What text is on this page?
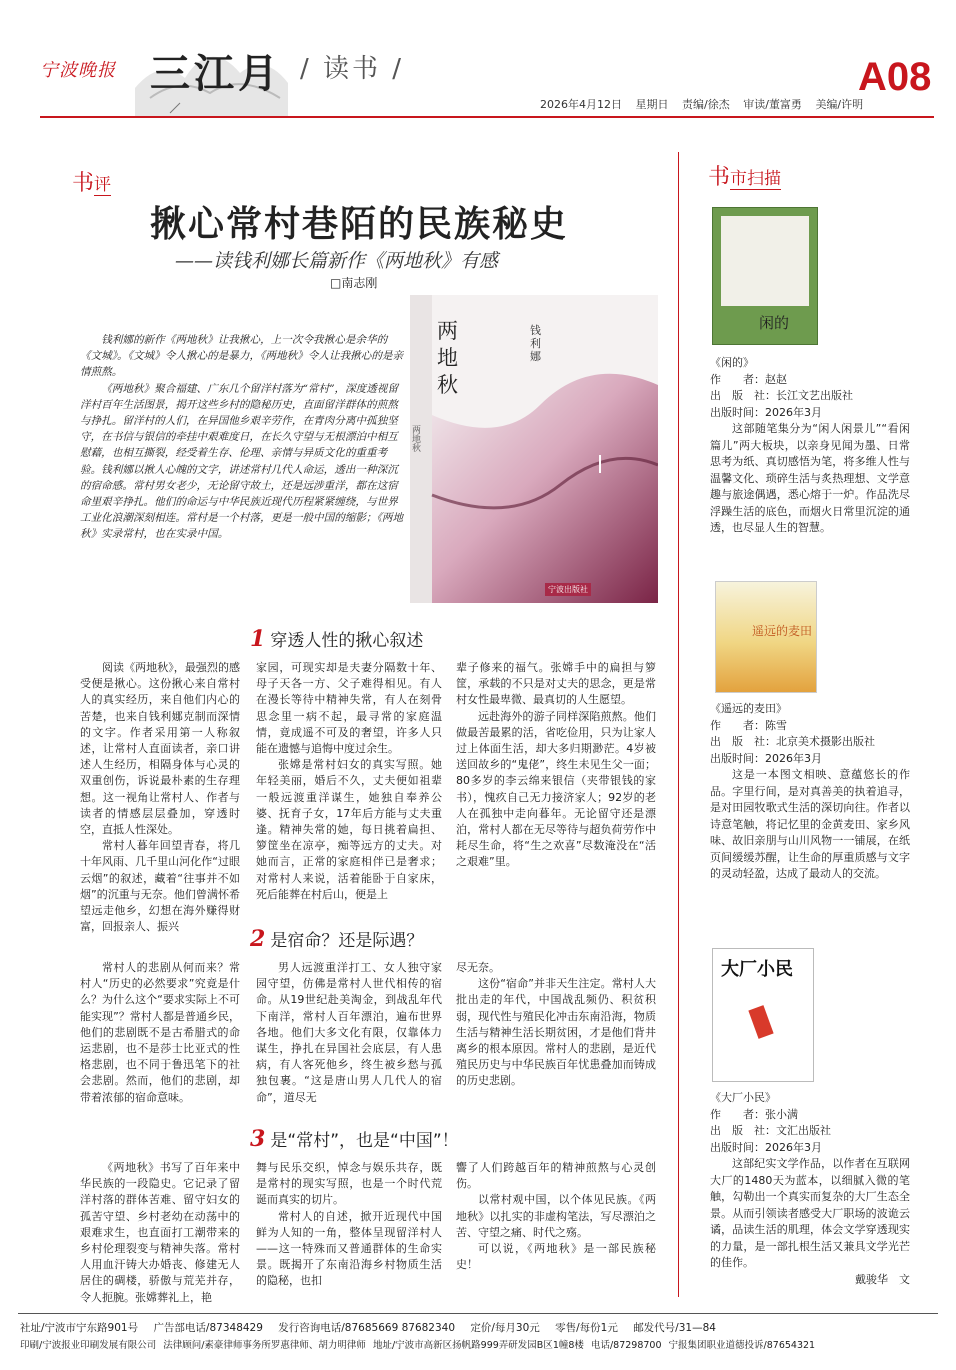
宁波晚报 三江月 / 读书 /	A08
2026年4月12日 星期日 责编/徐杰 审读/董富勇 美编/许明
书评
揪心常村巷陌的民族秘史
——读钱利娜长篇新作《两地秋》有感
□南志刚

钱利娜的新作《两地秋》让我揪心，上一次令我揪心是余华的《文城》。《文城》令人揪心的是暴力，《两地秋》令人让我揪心的是亲情煎熬。

《两地秋》聚合福建、广东几个留洋村落为“常村”，深度透视留洋村百年生活图景，揭开这些乡村的隐秘历史，直面留洋群体的煎熬与挣扎。留洋村的人们，在异国他乡艰辛劳作，在青肉分离中孤独坚守，在书信与银信的牵挂中艰难度日，在长久守望与无根漂泊中相互慰藉，也相互撕裂，经受着生存、伦理、亲情与异质文化的重重考验。钱利娜以揪人心魄的文字，讲述常村几代人命运，透出一种深沉的宿命感。常村男女老少，无论留守故土，还是远涉重洋，都在这宿命里艰辛挣扎。他们的命运与中华民族近现代历程紧紧缠绕，与世界工业化浪潮深刻相连。常村是一个村落，更是一般中国的缩影；《两地秋》实录常村，也在实录中国。

两地秋
两地秋
钱利娜
宁波出版社
1 穿透人性的揪心叙述

阅读《两地秋》，最强烈的感受便是揪心。这份揪心来自常村人的真实经历，来自他们内心的苦楚，也来自钱利娜克制而深情的文字。作者采用第一人称叙述，让常村人直面读者，亲口讲述人生经历，相隔身体与心灵的双重创伤，诉说最朴素的生存理想。这一视角让常村人、作者与读者的情感层层叠加，穿透时空，直抵人性深处。

常村人暮年回望青春，将几十年风雨、几千里山河化作“过眼云烟”的叙述，藏着“往事并不如烟”的沉重与无奈。他们曾满怀希望远走他乡，幻想在海外赚得财富，回报亲人、振兴

家园，可现实却是夫妻分隔数十年、母子天各一方、父子难得相见。有人在漫长等待中精神失常，有人在刻骨思念里一病不起，最寻常的家庭温情，竟成遥不可及的奢望，许多人只能在遗憾与追悔中度过余生。

张嫦是常村妇女的真实写照。她年轻美丽，婚后不久，丈夫便如祖辈一般远渡重洋谋生，她独自奉养公婆、抚育子女，17年后方能与丈夫重逢。精神失常的她，每日挑着扁担、箩筐坐在凉亭，痴等远方的丈夫。对她而言，正常的家庭相伴已是奢求；对常村人来说，活着能卧于自家床，死后能葬在村后山，便是上

辈子修来的福气。张嫦手中的扁担与箩筐，承载的不只是对丈夫的思念，更是常村女性最卑微、最真切的人生愿望。

远赴海外的游子同样深陷煎熬。他们做最苦最累的活，省吃俭用，只为让家人过上体面生活，却大多归期渺茫。4岁被送回故乡的“鬼佬”，终生未见生父一面；80多岁的李云绵来银信（夹带银钱的家书），愧疚自己无力接济家人；92岁的老人在孤独中走向暮年。无论留守还是漂泊，常村人都在无尽等待与超负荷劳作中耗尽生命，将“生之欢喜”尽数淹没在“活之艰难”里。

2 是宿命？还是际遇？

常村人的悲剧从何而来？常村人“历史的必然要求”究竟是什么？为什么这个“要求实际上不可能实现”？常村人都是普通乡民，他们的悲剧既不是古希腊式的命运悲剧，也不是莎士比亚式的性格悲剧，也不同于鲁迅笔下的社会悲剧。然而，他们的悲剧，却带着浓郁的宿命意味。

男人远渡重洋打工、女人独守家园守望，仿佛是常村人世代相传的宿命。从19世纪赴美淘金，到战乱年代下南洋，常村人百年漂泊，遍布世界各地。他们大多文化有限，仅靠体力谋生，挣扎在异国社会底层，有人患病，有人客死他乡，终生被乡愁与孤独包裹。“这是唐山男人几代人的宿命”，道尽无

尽无奈。

这份“宿命”并非天生注定。常村人大批出走的年代，中国战乱频仍、积贫积弱，现代性与殖民化冲击东南沿海，物质生活与精神生活长期贫困，才是他们背井离乡的根本原因。常村人的悲剧，是近代殖民历史与中华民族百年忧患叠加而铸成的历史悲剧。

3 是“常村”，也是“中国”！

《两地秋》书写了百年来中华民族的一段隐史。它记录了留洋村落的群体苦难、留守妇女的孤苦守望、乡村老幼在动荡中的艰难求生，也直面打工潮带来的乡村伦理裂变与精神失落。常村人用血汗铸大办婚丧、修建无人居住的碉楼，骄傲与荒芜并存，令人扼腕。张嫦葬礼上，艳

舞与民乐交织，悼念与娱乐共存，既是常村的现实写照，也是一个时代荒诞而真实的切片。

常村人的自述，掀开近现代中国鲜为人知的一角，整体呈现留洋村人——这一特殊而又普通群体的生命实景。既揭开了东南沿海乡村物质生活的隐秘，也扣

響了人们跨越百年的精神煎熬与心灵创伤。

以常村观中国，以个体见民族。《两地秋》以扎实的非虚构笔法，写尽漂泊之苦、守望之痛、时代之殇。

可以说，《两地秋》是一部民族秘史！

书市扫描
闲的

《闲的》

作　　者：赵赵

出　版　社：长江文艺出版社

出版时间：2026年3月

这部随笔集分为“闲人闲景儿”“看闲篇儿”两大板块，以亲身见闻为墨、日常思考为纸、真切感悟为笔，将多维人性与温馨文化、琐碎生活与炙热理想、文学意趣与旅途偶遇，悉心熔于一炉。作品洗尽浮躁生活的底色，而烟火日常里沉淀的通透，也尽显人生的智慧。

遥远的麦田

《遥远的麦田》

作　　者：陈雪

出　版　社：北京美术摄影出版社

出版时间：2026年3月

这是一本图文相映、意蕴悠长的作品。字里行间，是对真善美的执着追寻，是对田园牧歌式生活的深切向往。作者以诗意笔触，将记忆里的金黄麦田、家乡风味、故旧亲朋与山川风物一一铺展，在纸页间缓缓苏醒，让生命的厚重质感与文字的灵动轻盈，达成了最动人的交流。

大厂小民

《大厂小民》

作　　者：张小满

出　版　社：文汇出版社

出版时间：2026年3月

这部纪实文学作品，以作者在互联网大厂的1480天为蓝本，以细腻入微的笔触，勾勒出一个真实而复杂的大厂生态全景。从而引领读者感受大厂职场的波诡云谲，品读生活的肌理，体会文学穿透现实的力量，是一部扎根生活又兼具文学光芒的佳作。

戴骏华　文

社址/宁波市宁东路901号 广告部电话/87348429 发行咨询电话/87685669 87682340 定价/每月30元 零售/每份1元 邮发代号/31—84
印刷/宁波报业印刷发展有限公司 法律顾问/素豪律师事务所罗惠律师、胡力明律师 地址/宁波市高新区扬帆路999弄研发园B区1幢8楼 电话/87298700 宁报集团职业道德投诉/87654321
